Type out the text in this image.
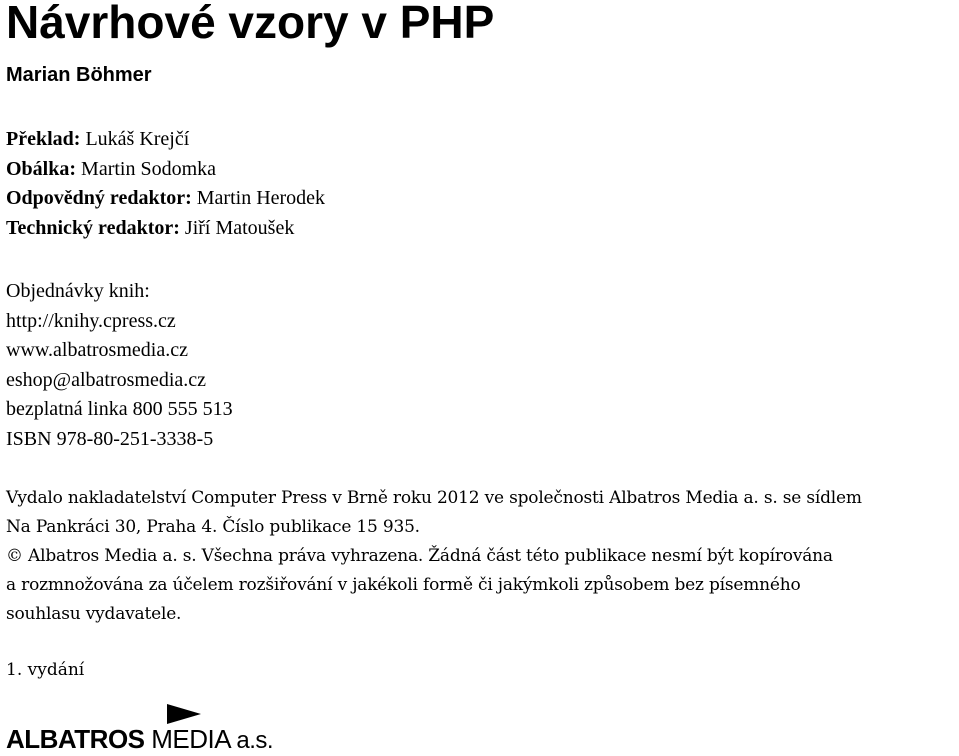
Návrhové vzory v PHP
Marian Böhmer
Překlad: Lukáš Krejčí
Obálka: Martin Sodomka
Odpovědný redaktor: Martin Herodek
Technický redaktor: Jiří Matoušek
Objednávky knih:
http://knihy.cpress.cz
www.albatrosmedia.cz
eshop@albatrosmedia.cz
bezplatná linka 800 555 513
ISBN 978-80-251-3338-5
Vydalo nakladatelství Computer Press v Brně roku 2012 ve společnosti Albatros Media a. s. se sídlem
Na Pankráci 30, Praha 4. Číslo publikace 15 935.
© Albatros Media a. s. Všechna práva vyhrazena. Žádná část této publikace nesmí být kopírována
a rozmnožována za účelem rozšiřování v jakékoli formě či jakýmkoli způsobem bez písemného
souhlasu vydavatele.
1. vydání
ALBATROS MEDIA a.s.
